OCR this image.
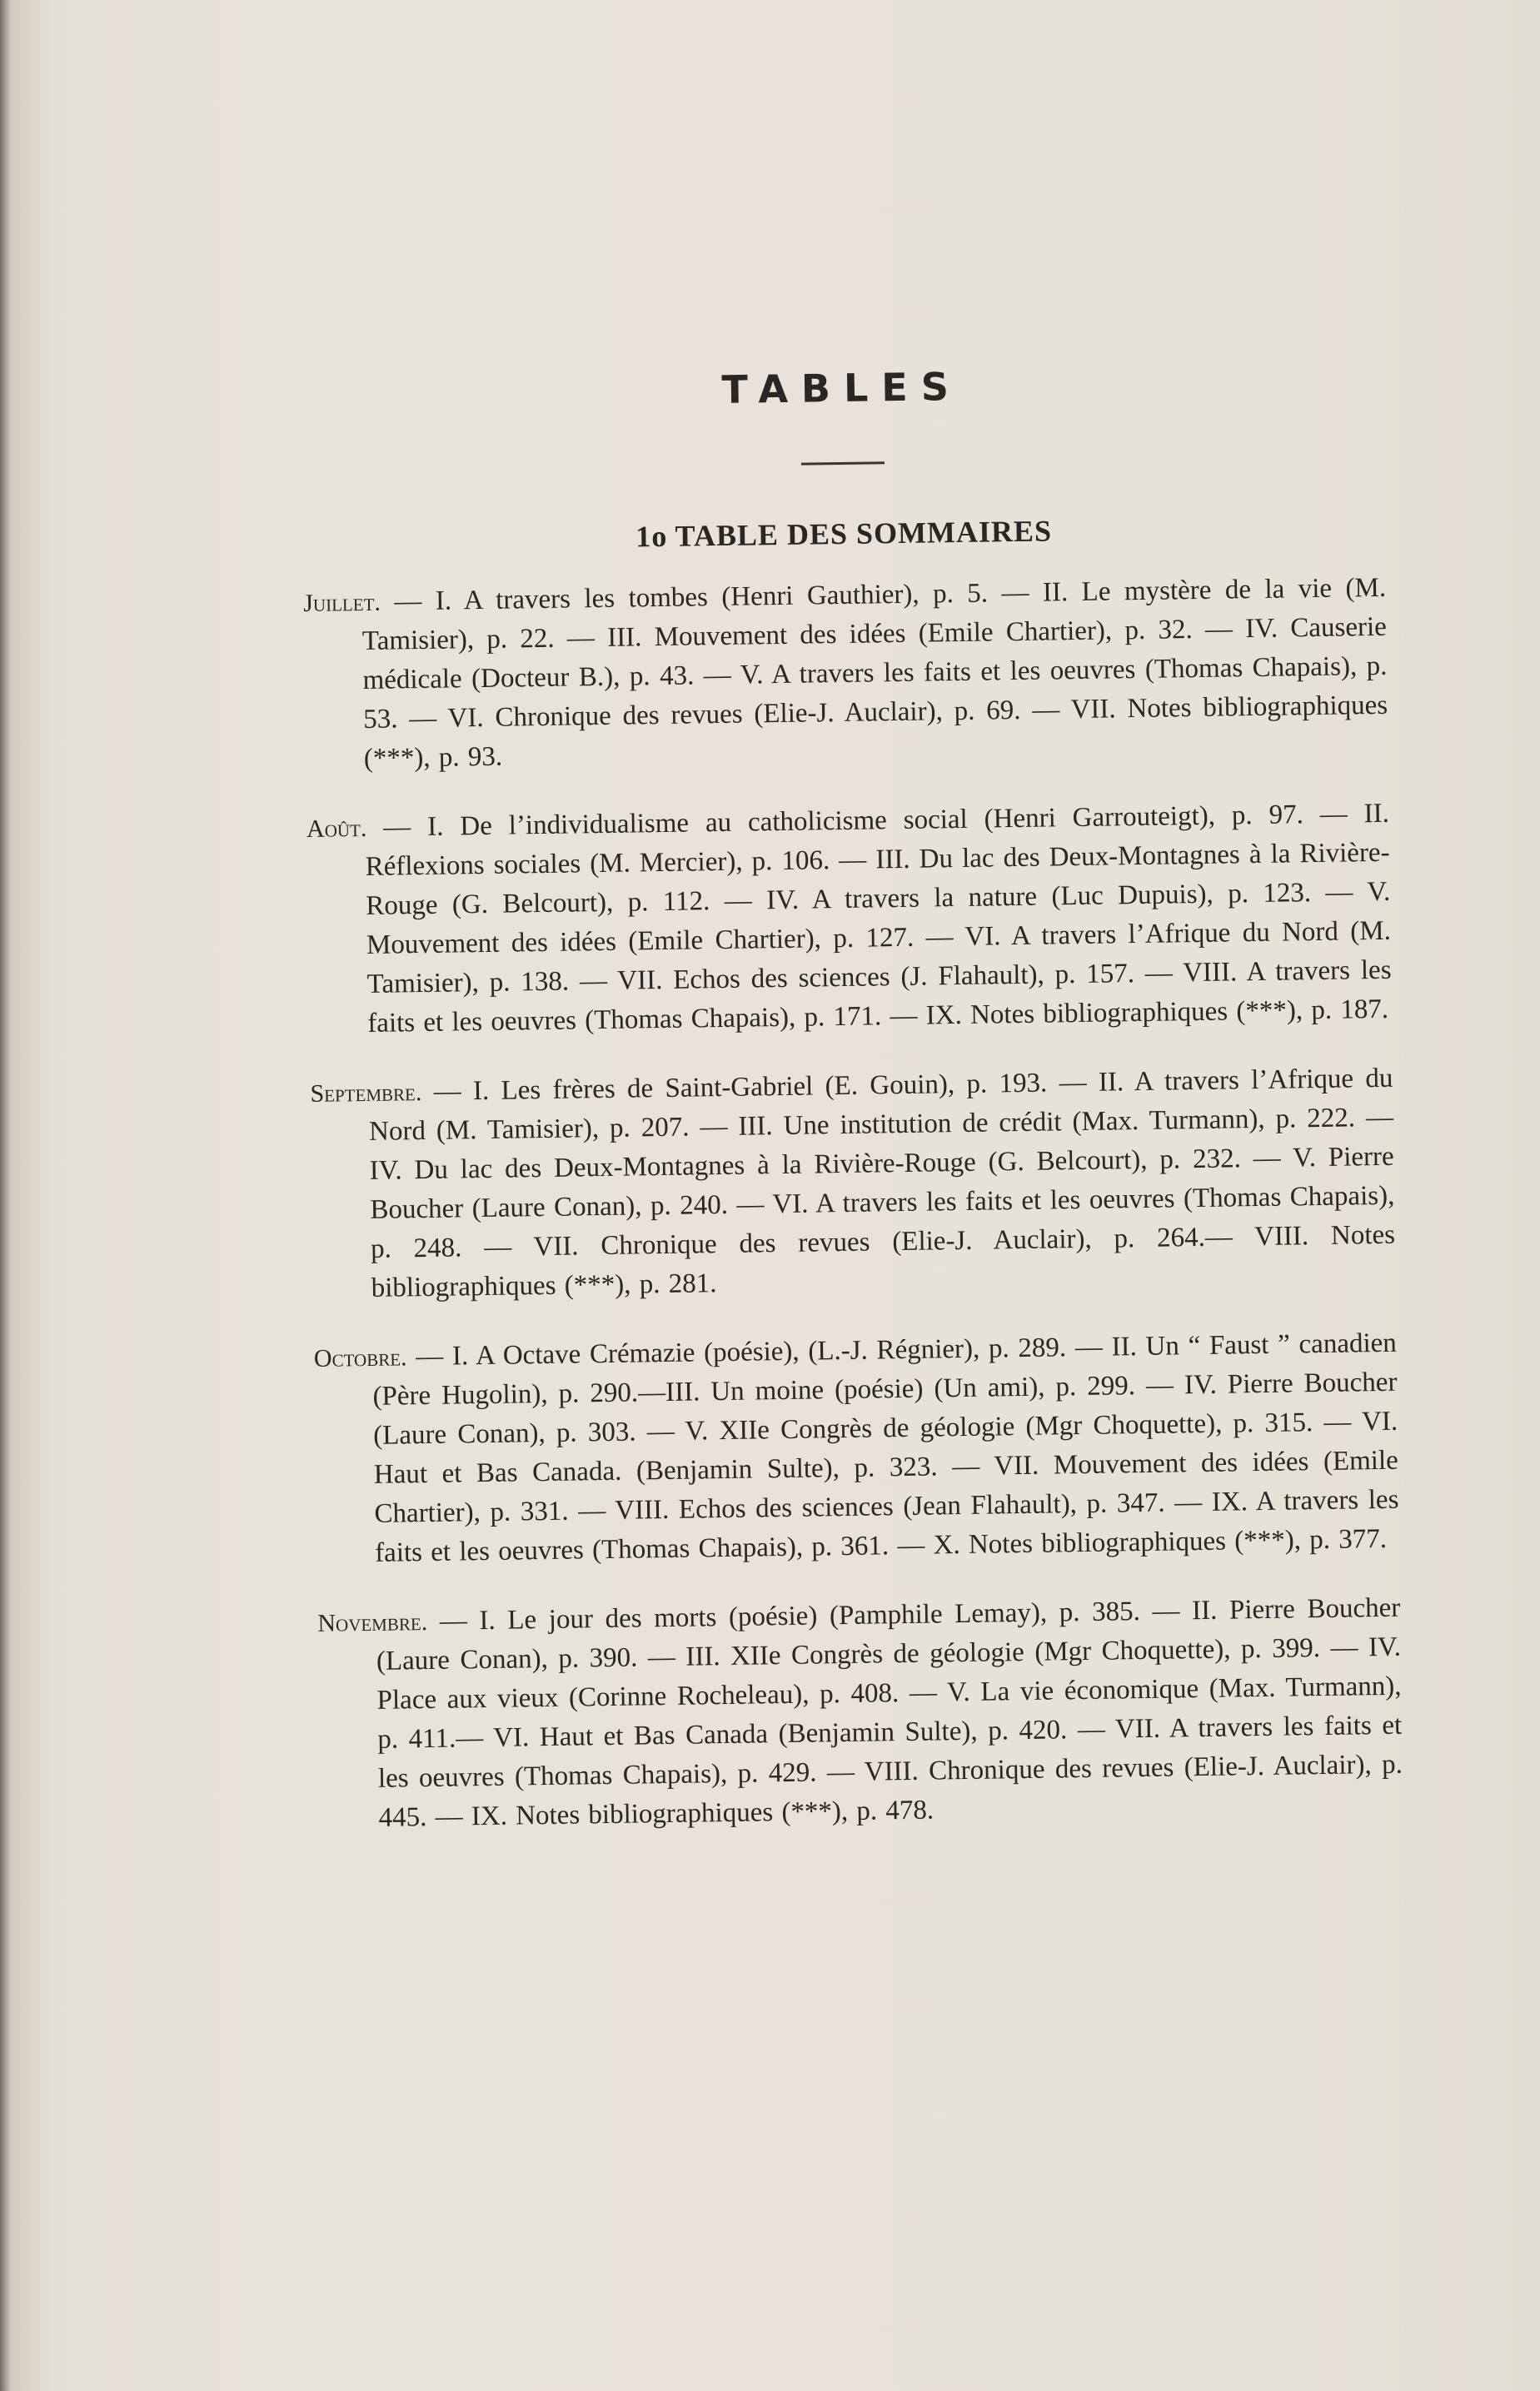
TABLES
1o TABLE DES SOMMAIRES

Juillet. — I. A travers les tombes (Henri Gauthier), p. 5. — II. Le mystère de la vie (M. Tamisier), p. 22. — III. Mouvement des idées (Emile Chartier), p. 32. — IV. Causerie médicale (Docteur B.), p. 43. — V. A travers les faits et les oeuvres (Thomas Chapais), p. 53. — VI. Chronique des revues (Elie-J. Auclair), p. 69. — VII. Notes bibliographiques (***), p. 93.

Août. — I. De l’individualisme au catholicisme social (Henri Garrouteigt), p. 97. — II. Réflexions sociales (M. Mercier), p. 106. — III. Du lac des Deux-Montagnes à la Rivière-Rouge (G. Belcourt), p. 112. — IV. A travers la nature (Luc Dupuis), p. 123. — V. Mouvement des idées (Emile Chartier), p. 127. — VI. A travers l’Afrique du Nord (M. Tamisier), p. 138. — VII. Echos des sciences (J. Flahault), p. 157. — VIII. A travers les faits et les oeuvres (Thomas Chapais), p. 171. — IX. Notes bibliographiques (***), p. 187.

Septembre. — I. Les frères de Saint-Gabriel (E. Gouin), p. 193. — II. A travers l’Afrique du Nord (M. Tamisier), p. 207. — III. Une institution de crédit (Max. Turmann), p. 222. — IV. Du lac des Deux-Montagnes à la Rivière-Rouge (G. Belcourt), p. 232. — V. Pierre Boucher (Laure Conan), p. 240. — VI. A travers les faits et les oeuvres (Thomas Chapais), p. 248. — VII. Chronique des revues (Elie-J. Auclair), p. 264.— VIII. Notes bibliographiques (***), p. 281.

Octobre. — I. A Octave Crémazie (poésie), (L.-J. Régnier), p. 289. — II. Un “ Faust ” canadien (Père Hugolin), p. 290.—III. Un moine (poésie) (Un ami), p. 299. — IV. Pierre Boucher (Laure Conan), p. 303. — V. XIIe Congrès de géologie (Mgr Choquette), p. 315. — VI. Haut et Bas Canada. (Benjamin Sulte), p. 323. — VII. Mouvement des idées (Emile Chartier), p. 331. — VIII. Echos des sciences (Jean Flahault), p. 347. — IX. A travers les faits et les oeuvres (Thomas Chapais), p. 361. — X. Notes bibliographiques (***), p. 377.

Novembre. — I. Le jour des morts (poésie) (Pamphile Lemay), p. 385. — II. Pierre Boucher (Laure Conan), p. 390. — III. XIIe Congrès de géologie (Mgr Choquette), p. 399. — IV. Place aux vieux (Corinne Rocheleau), p. 408. — V. La vie économique (Max. Turmann), p. 411.— VI. Haut et Bas Canada (Benjamin Sulte), p. 420. — VII. A travers les faits et les oeuvres (Thomas Chapais), p. 429. — VIII. Chronique des revues (Elie-J. Auclair), p. 445. — IX. Notes bibliographiques (***), p. 478.
